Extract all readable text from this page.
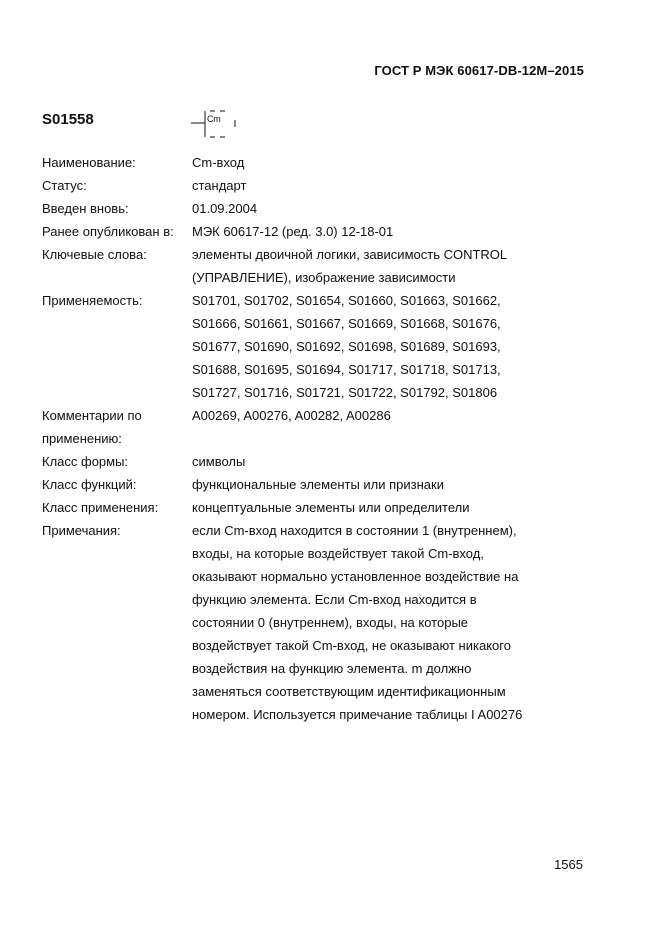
ГОСТ Р МЭК 60617-DB-12M–2015
S01558	Cm
Наименование:	Cm-вход
Статус:	стандарт
Введен вновь:	01.09.2004
Ранее опубликован в:	МЭК 60617-12 (ред. 3.0) 12-18-01
Ключевые слова:	элементы двоичной логики, зависимость CONTROL
(УПРАВЛЕНИЕ), изображение зависимости
Применяемость:	S01701, S01702, S01654, S01660, S01663, S01662,
S01666, S01661, S01667, S01669, S01668, S01676,
S01677, S01690, S01692, S01698, S01689, S01693,
S01688, S01695, S01694, S01717, S01718, S01713,
S01727, S01716, S01721, S01722, S01792, S01806
Комментарии по
применению:
A00269, A00276, A00282, A00286
Класс формы:	символы
Класс функций:	функциональные элементы или признаки
Класс применения:	концептуальные элементы или определители
Примечания:	если Cm-вход находится в состоянии 1 (внутреннем),
входы, на которые воздействует такой Cm-вход,
оказывают нормально установленное воздействие на
функцию элемента. Если Cm-вход находится в
состоянии 0 (внутреннем), входы, на которые
воздействует такой Cm-вход, не оказывают никакого
воздействия на функцию элемента. m должно
заменяться соответствующим идентификационным
номером. Используется примечание таблицы I A00276
1565
